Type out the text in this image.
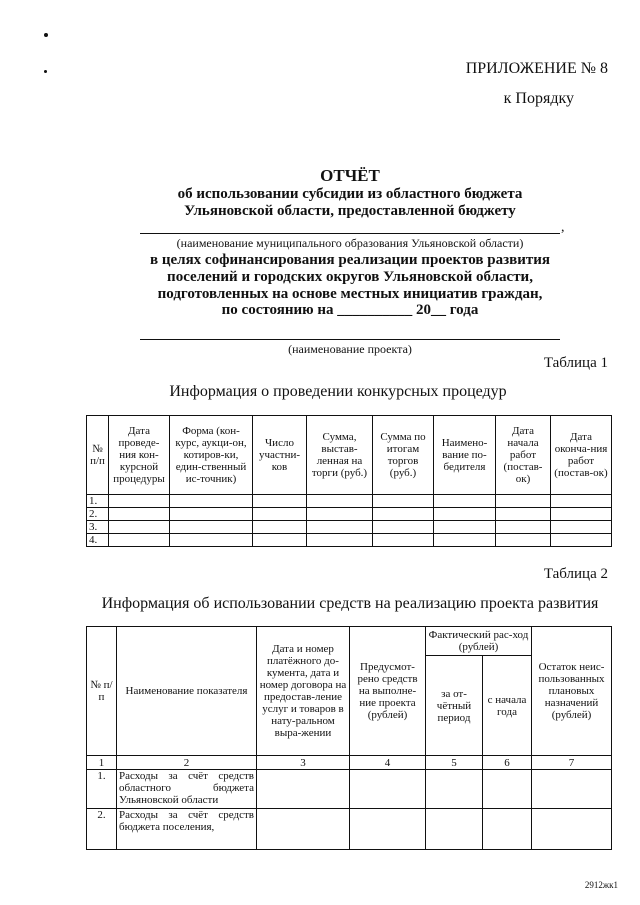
ПРИЛОЖЕНИЕ № 8
к Порядку
ОТЧЁТ
об использовании субсидии из областного бюджета
Ульяновской области, предоставленной бюджету
,
(наименование муниципального образования Ульяновской области)
в целях софинансирования реализации проектов развития
поселений и городских округов Ульяновской области,
подготовленных на основе местных инициатив граждан,
по состоянию на __________ 20__ года
(наименование проекта)
Таблица 1
Информация о проведении конкурсных процедур
№ п/п	Дата проведе-ния кон-курсной процедуры	Форма (кон-курс, аукци-он, котиров-ки, един-ственный ис-точник)	Число участни-ков	Сумма, выстав-ленная на торги (руб.)	Сумма по итогам торгов (руб.)	Наимено-вание по-бедителя	Дата начала работ (постав-ок)	Дата оконча-ния работ (постав-ок)
1.								
2.								
3.								
4.								
Таблица 2
Информация об использовании средств на реализацию проекта развития
№ п/п	Наименование показателя	Дата и номер платёжного до-кумента, дата и номер договора на предостав-ление услуг и товаров в нату-ральном выра-жении	Предусмот-рено средств на выполне-ние проекта (рублей)	Фактический рас-ход (рублей)		Остаток неис-пользованных плановых назначений (рублей)
				за от-чётный период	с начала года	
1	2	3	4	5	6	7
1.	Расходы за счёт средств областного бюджета Ульяновской области					
2.	Расходы за счёт средств бюджета поселения,					
2912жк1
